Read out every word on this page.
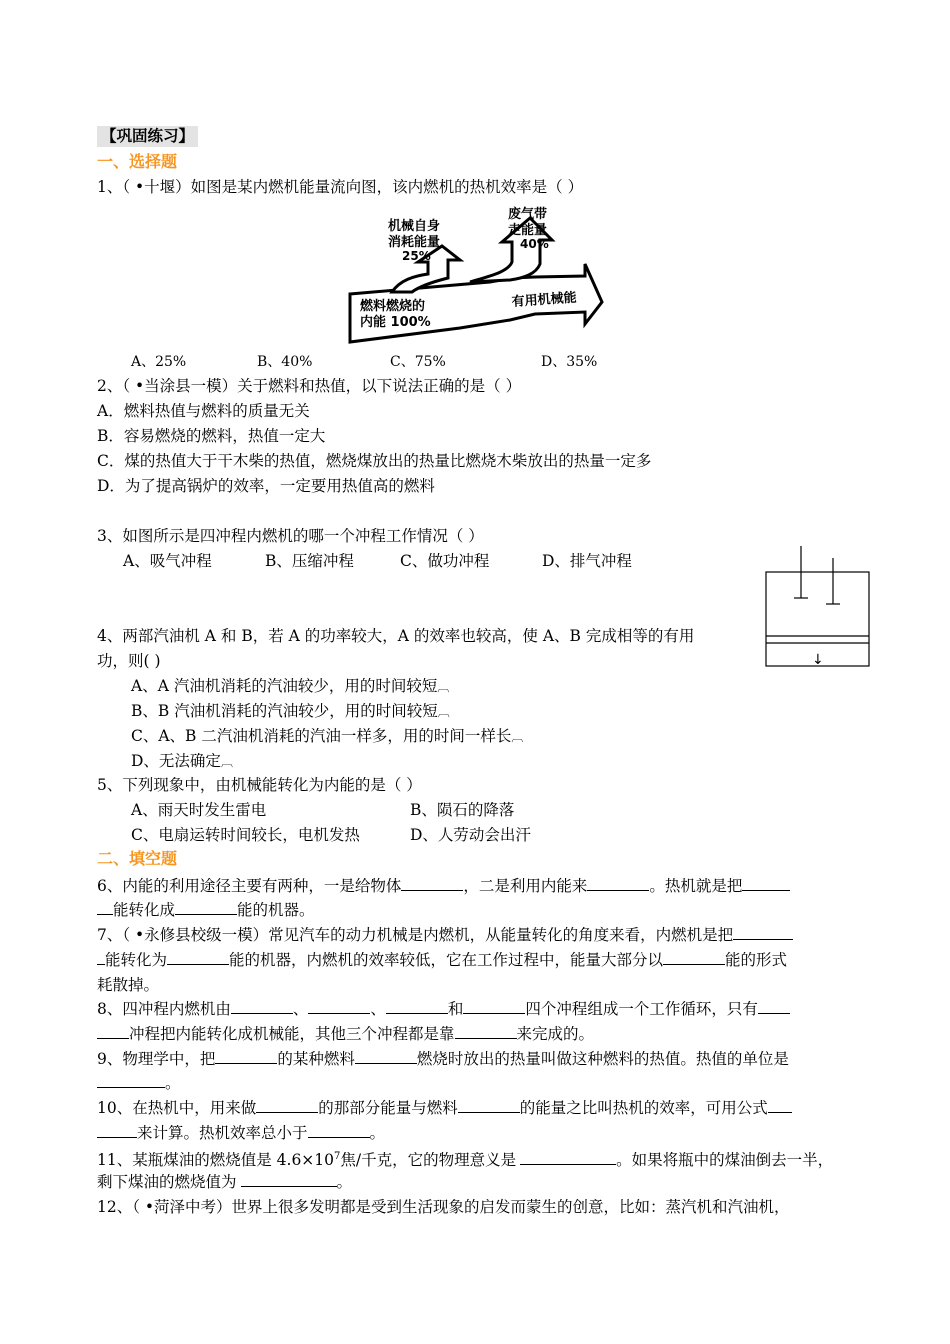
【巩固练习】
一、选择题
1、（ •十堰）如图是某内燃机能量流向图，该内燃机的热机效率是（ ）
机械自身
消耗能量
25%
废气带
走能量
40%
燃料燃烧的
内能 100%
有用机械能
A、25%	B、40%	C、75%	D、35%
2、（ •当涂县一模）关于燃料和热值，以下说法正确的是（ ）
A．燃料热值与燃料的质量无关
B．容易燃烧的燃料，热值一定大
C．煤的热值大于干木柴的热值，燃烧煤放出的热量比燃烧木柴放出的热量一定多
D．为了提高锅炉的效率，一定要用热值高的燃料
3、如图所示是四冲程内燃机的哪一个冲程工作情况（ ）
A、吸气冲程	B、压缩冲程	C、做功冲程	D、排气冲程
↓
4、两部汽油机 A 和 B，若 A 的功率较大，A 的效率也较高，使 A、B 完成相等的有用
功，则( )
A、A 汽油机消耗的汽油较少，用的时间较短︹
B、B 汽油机消耗的汽油较少，用的时间较短︹
C、A、B 二汽油机消耗的汽油一样多，用的时间一样长︹
D、无法确定︹
5、下列现象中，由机械能转化为内能的是（ ）
A、雨天时发生雷电	B、陨石的降落
C、电扇运转时间较长，电机发热	D、人劳动会出汗
二、填空题
6、内能的利用途径主要有两种，一是给物体	，二是利用内能来	。热机就是把
能转化成	能的机器。
7、（ •永修县校级一模）常见汽车的动力机械是内燃机，从能量转化的角度来看，内燃机是把
能转化为	能的机器，内燃机的效率较低，它在工作过程中，能量大部分以	能的形式
耗散掉。
8、四冲程内燃机由	、	、	和	四个冲程组成一个工作循环，只有
冲程把内能转化成机械能，其他三个冲程都是靠	来完成的。
9、物理学中，把	的某种燃料	燃烧时放出的热量叫做这种燃料的热值。热值的单位是
。
10、在热机中，用来做	的那部分能量与燃料	的能量之比叫热机的效率，可用公式
来计算。热机效率总小于	。
11、某瓶煤油的燃烧值是 $4.6\times 10^7$焦/千克，它的物理意义是	。如果将瓶中的煤油倒去一半，
剩下煤油的燃烧值为	。
12、（ •菏泽中考）世界上很多发明都是受到生活现象的启发而蒙生的创意，比如：蒸汽机和汽油机，
